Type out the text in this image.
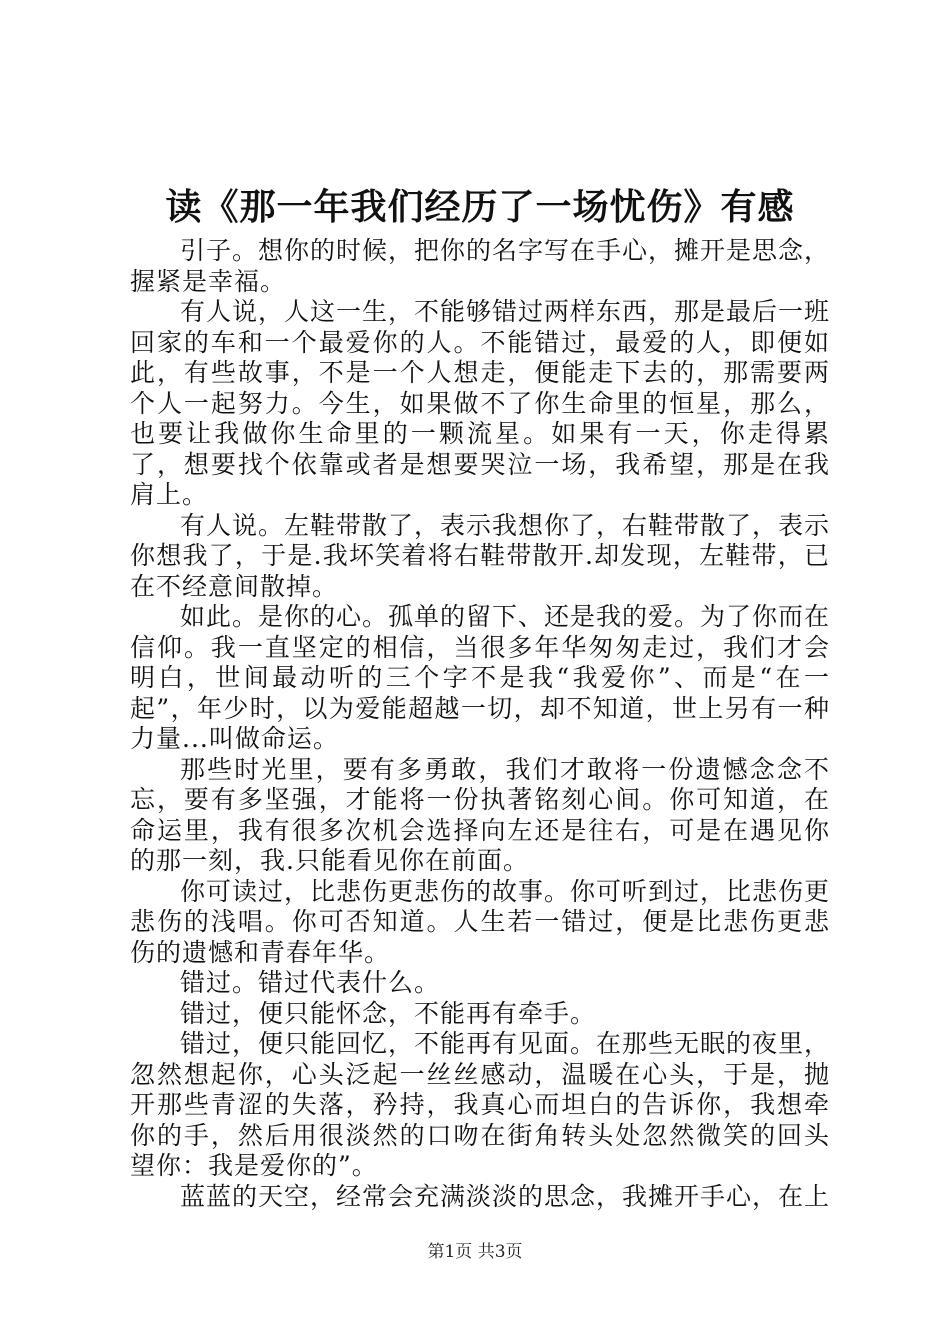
读《那一年我们经历了一场忧伤》有感

引子。想你的时候，把你的名字写在手心，摊开是思念，握紧是幸福。

有人说，人这一生，不能够错过两样东西，那是最后一班回家的车和一个最爱你的人。不能错过，最爱的人，即便如此，有些故事，不是一个人想走，便能走下去的，那需要两个人一起努力。今生，如果做不了你生命里的恒星，那么，也要让我做你生命里的一颗流星。如果有一天，你走得累了，想要找个依靠或者是想要哭泣一场，我希望，那是在我肩上。

有人说。左鞋带散了，表示我想你了，右鞋带散了，表示你想我了，于是.我坏笑着将右鞋带散开.却发现，左鞋带，已在不经意间散掉。

如此。是你的心。孤单的留下、还是我的爱。为了你而在信仰。我一直坚定的相信，当很多年华匆匆走过，我们才会明白，世间最动听的三个字不是我“我爱你”、而是“在一起”，年少时，以为爱能超越一切，却不知道，世上另有一种力量...叫做命运。

那些时光里，要有多勇敢，我们才敢将一份遗憾念念不忘，要有多坚强，才能将一份执著铭刻心间。你可知道，在命运里，我有很多次机会选择向左还是往右，可是在遇见你的那一刻，我.只能看见你在前面。

你可读过，比悲伤更悲伤的故事。你可听到过，比悲伤更悲伤的浅唱。你可否知道。人生若一错过，便是比悲伤更悲伤的遗憾和青春年华。

错过。错过代表什么。

错过，便只能怀念，不能再有牵手。

错过，便只能回忆，不能再有见面。在那些无眠的夜里，忽然想起你，心头泛起一丝丝感动，温暖在心头，于是，抛开那些青涩的失落，矜持，我真心而坦白的告诉你，我想牵你的手，然后用很淡然的口吻在街角转头处忽然微笑的回头望你：我是爱你的”。

蓝蓝的天空，经常会充满淡淡的思念，我摊开手心，在上

第1页 共3页
